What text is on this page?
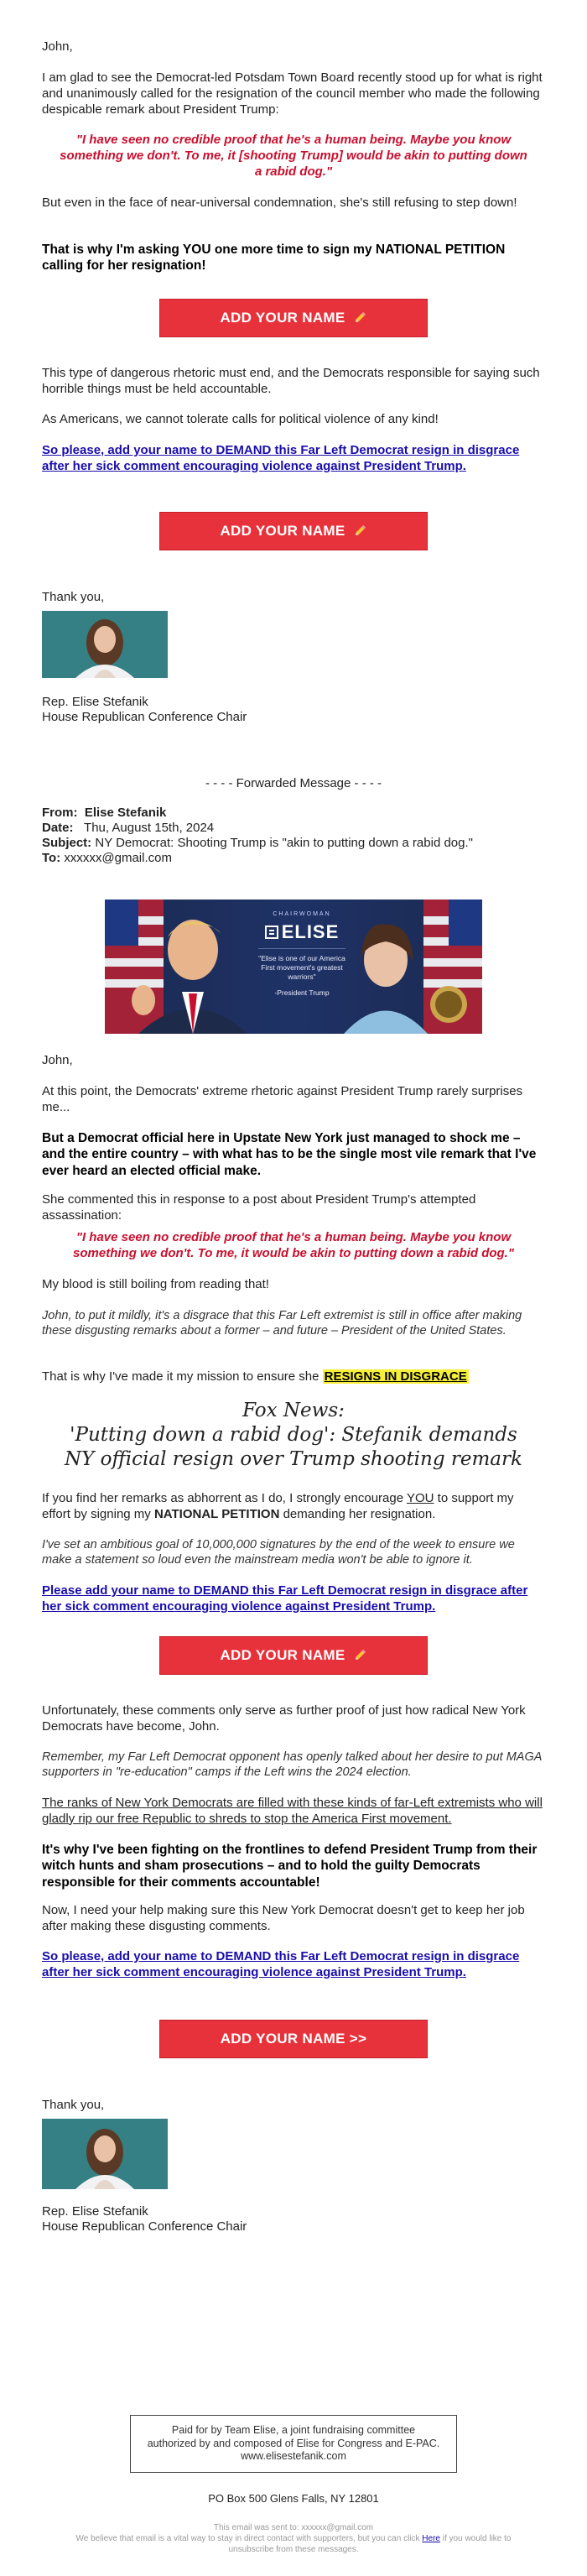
John,

I am glad to see the Democrat-led Potsdam Town Board recently stood up for what is right and unanimously called for the resignation of the council member who made the following despicable remark about President Trump:

"I have seen no credible proof that he's a human being. Maybe you know something we don't. To me, it [shooting Trump] would be akin to putting down a rabid dog."

But even in the face of near-universal condemnation, she's still refusing to step down!

That is why I'm asking YOU one more time to sign my NATIONAL PETITION calling for her resignation!

ADD YOUR NAME

This type of dangerous rhetoric must end, and the Democrats responsible for saying such horrible things must be held accountable.

As Americans, we cannot tolerate calls for political violence of any kind!

So please, add your name to DEMAND this Far Left Democrat resign in disgrace after her sick comment encouraging violence against President Trump.
ADD YOUR NAME

Thank you,

Rep. Elise Stefanik

House Republican Conference Chair

- - - - Forwarded Message - - - -

From: Elise Stefanik
Date: Thu, August 15th, 2024
Subject: NY Democrat: Shooting Trump is "akin to putting down a rabid dog."
To: xxxxxx@gmail.com
CHAIRWOMAN
ELISE
"Elise is one of our America First movement's greatest warriors"
-President Trump

John,

At this point, the Democrats' extreme rhetoric against President Trump rarely surprises me...

But a Democrat official here in Upstate New York just managed to shock me – and the entire country – with what has to be the single most vile remark that I've ever heard an elected official make.

She commented this in response to a post about President Trump's attempted assassination:

"I have seen no credible proof that he's a human being. Maybe you know something we don't. To me, it would be akin to putting down a rabid dog."

My blood is still boiling from reading that!

John, to put it mildly, it's a disgrace that this Far Left extremist is still in office after making these disgusting remarks about a former – and future – President of the United States.

That is why I've made it my mission to ensure she RESIGNS IN DISGRACE

Fox News:

'Putting down a rabid dog': Stefanik demands NY official resign over Trump shooting remark

If you find her remarks as abhorrent as I do, I strongly encourage YOU to support my effort by signing my NATIONAL PETITION demanding her resignation.

I've set an ambitious goal of 10,000,000 signatures by the end of the week to ensure we make a statement so loud even the mainstream media won't be able to ignore it.

Please add your name to DEMAND this Far Left Democrat resign in disgrace after her sick comment encouraging violence against President Trump.
ADD YOUR NAME

Unfortunately, these comments only serve as further proof of just how radical New York Democrats have become, John.

Remember, my Far Left Democrat opponent has openly talked about her desire to put MAGA supporters in "re-education" camps if the Left wins the 2024 election.

The ranks of New York Democrats are filled with these kinds of far-Left extremists who will gladly rip our free Republic to shreds to stop the America First movement.

It's why I've been fighting on the frontlines to defend President Trump from their witch hunts and sham prosecutions – and to hold the guilty Democrats responsible for their comments accountable!

Now, I need your help making sure this New York Democrat doesn't get to keep her job after making these disgusting comments.

So please, add your name to DEMAND this Far Left Democrat resign in disgrace after her sick comment encouraging violence against President Trump.
ADD YOUR NAME >>

Thank you,

Rep. Elise Stefanik

House Republican Conference Chair

Paid for by Team Elise, a joint fundraising committee authorized by and composed of Elise for Congress and E-PAC. www.elisestefanik.com

PO Box 500 Glens Falls, NY 12801

This email was sent to: xxxxxx@gmail.com

We believe that email is a vital way to stay in direct contact with supporters, but you can click Here if you would like to unsubscribe from these messages.
